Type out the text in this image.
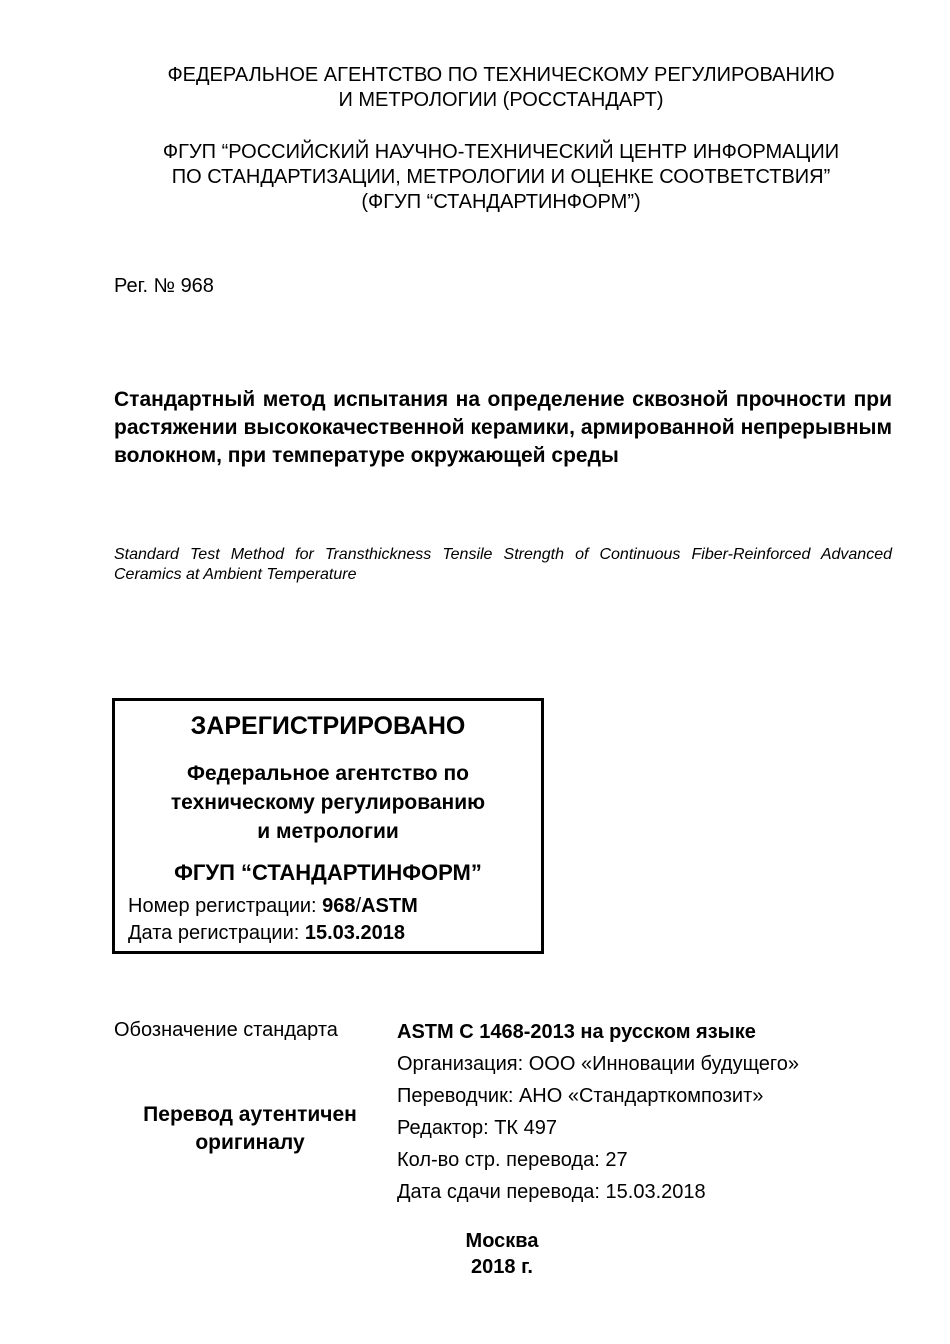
ФЕДЕРАЛЬНОЕ АГЕНТСТВО ПО ТЕХНИЧЕСКОМУ РЕГУЛИРОВАНИЮ
И МЕТРОЛОГИИ (РОССТАНДАРТ)
ФГУП “РОССИЙСКИЙ НАУЧНО-ТЕХНИЧЕСКИЙ ЦЕНТР ИНФОРМАЦИИ
ПО СТАНДАРТИЗАЦИИ, МЕТРОЛОГИИ И ОЦЕНКЕ СООТВЕТСТВИЯ”
(ФГУП “СТАНДАРТИНФОРМ”)
Рег. № 968
Стандартный метод испытания на определение сквозной прочности при растяжении высококачественной керамики, армированной непрерывным волокном, при температуре окружающей среды
Standard Test Method for Transthickness Tensile Strength of Continuous Fiber-Reinforced Advanced Ceramics at Ambient Temperature
ЗАРЕГИСТРИРОВАНО
Федеральное агентство по
техническому регулированию
и метрологии
ФГУП “СТАНДАРТИНФОРМ”
Номер регистрации: 968/ASTM
Дата регистрации: 15.03.2018
Обозначение стандарта
Перевод аутентичен
оригиналу
ASTM C 1468-2013 на русском языке
Организация: ООО «Инновации будущего»
Переводчик: АНО «Стандарткомпозит»
Редактор: ТК 497
Кол-во стр. перевода: 27
Дата сдачи перевода: 15.03.2018
Москва
2018 г.
